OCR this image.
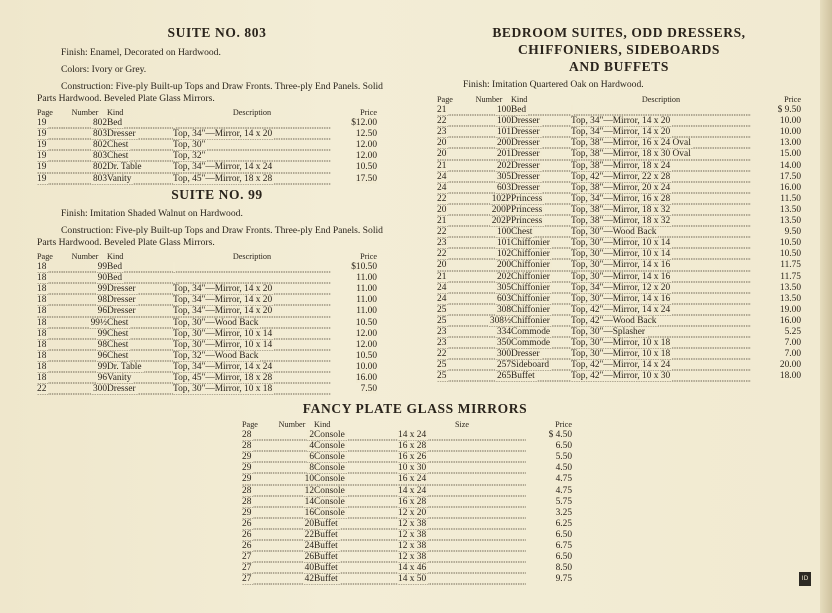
SUITE NO. 803

Finish: Enamel, Decorated on Hardwood.

Colors: Ivory or Grey.

Construction: Five-ply Built-up Tops and Draw Fronts. Three-ply End Panels. Solid Parts Hardwood. Beveled Plate Glass Mirrors.

Page	Number	Kind	Description	Price
19	802	Bed		$12.00
19	803	Dresser	Top, 34"—Mirror, 14 x 20	12.50
19	802	Chest	Top, 30"	12.00
19	803	Chest	Top, 32"	12.00
19	802	Dr. Table	Top, 34"—Mirror, 14 x 24	10.50
19	803	Vanity	Top, 45"—Mirror, 18 x 28	17.50
SUITE NO. 99

Finish: Imitation Shaded Walnut on Hardwood.

Construction: Five-ply Built-up Tops and Draw Fronts. Three-ply End Panels. Solid Parts Hardwood. Beveled Plate Glass Mirrors.

Page	Number	Kind	Description	Price
18	99	Bed		$10.50
18	90	Bed		11.00
18	99	Dresser	Top, 34"—Mirror, 14 x 20	11.00
18	98	Dresser	Top, 34"—Mirror, 14 x 20	11.00
18	96	Dresser	Top, 34"—Mirror, 14 x 20	11.00
18	99½	Chest	Top, 30"—Wood Back	10.50
18	99	Chest	Top, 30"—Mirror, 10 x 14	12.00
18	98	Chest	Top, 30"—Mirror, 10 x 14	12.00
18	96	Chest	Top, 32"—Wood Back	10.50
18	99	Dr. Table	Top, 34"—Mirror, 14 x 24	10.00
18	96	Vanity	Top, 45"—Mirror, 18 x 28	16.00
22	300	Dresser	Top, 30"—Mirror, 10 x 18	7.50
BEDROOM SUITES, ODD DRESSERS,
CHIFFONIERS, SIDEBOARDS
AND BUFFETS

Finish: Imitation Quartered Oak on Hardwood.

Page	Number	Kind	Description	Price
21	100	Bed		$ 9.50
22	100	Dresser	Top, 34"—Mirror, 14 x 20	10.00
23	101	Dresser	Top, 34"—Mirror, 14 x 20	10.00
20	200	Dresser	Top, 38"—Mirror, 16 x 24 Oval	13.00
20	201	Dresser	Top, 38"—Mirror, 18 x 30 Oval	15.00
21	202	Dresser	Top, 38"—Mirror, 18 x 24	14.00
24	305	Dresser	Top, 42"—Mirror, 22 x 28	17.50
24	603	Dresser	Top, 38"—Mirror, 20 x 24	16.00
22	102P	Princess	Top, 34"—Mirror, 16 x 28	11.50
20	200P	Princess	Top, 38"—Mirror, 18 x 32	13.50
21	202P	Princess	Top, 38"—Mirror, 18 x 32	13.50
22	100	Chest	Top, 30"—Wood Back	9.50
23	101	Chiffonier	Top, 30"—Mirror, 10 x 14	10.50
22	102	Chiffonier	Top, 30"—Mirror, 10 x 14	10.50
20	200	Chiffonier	Top, 30"—Mirror, 14 x 16	11.75
21	202	Chiffonier	Top, 30"—Mirror, 14 x 16	11.75
24	305	Chiffonier	Top, 34"—Mirror, 12 x 20	13.50
24	603	Chiffonier	Top, 30"—Mirror, 14 x 16	13.50
25	308	Chiffonier	Top, 42"—Mirror, 14 x 24	19.00
25	308½	Chiffonier	Top, 42"—Wood Back	16.00
23	334	Commode	Top, 30"—Splasher	5.25
23	350	Commode	Top, 30"—Mirror, 10 x 18	7.00
22	300	Dresser	Top, 30"—Mirror, 10 x 18	7.00
25	257	Sideboard	Top, 42"—Mirror, 14 x 24	20.00
25	265	Buffet	Top, 42"—Mirror, 10 x 30	18.00
FANCY PLATE GLASS MIRRORS
Page	Number	Kind	Size	Price
28	2	Console	14 x 24	$ 4.50
28	4	Console	16 x 28	6.50
29	6	Console	16 x 26	5.50
29	8	Console	10 x 30	4.50
29	10	Console	16 x 24	4.75
28	12	Console	14 x 24	4.75
28	14	Console	16 x 28	5.75
29	16	Console	12 x 20	3.25
26	20	Buffet	12 x 38	6.25
26	22	Buffet	12 x 38	6.50
26	24	Buffet	12 x 38	6.75
27	26	Buffet	12 x 38	6.50
27	40	Buffet	14 x 46	8.50
27	42	Buffet	14 x 50	9.75	ID
